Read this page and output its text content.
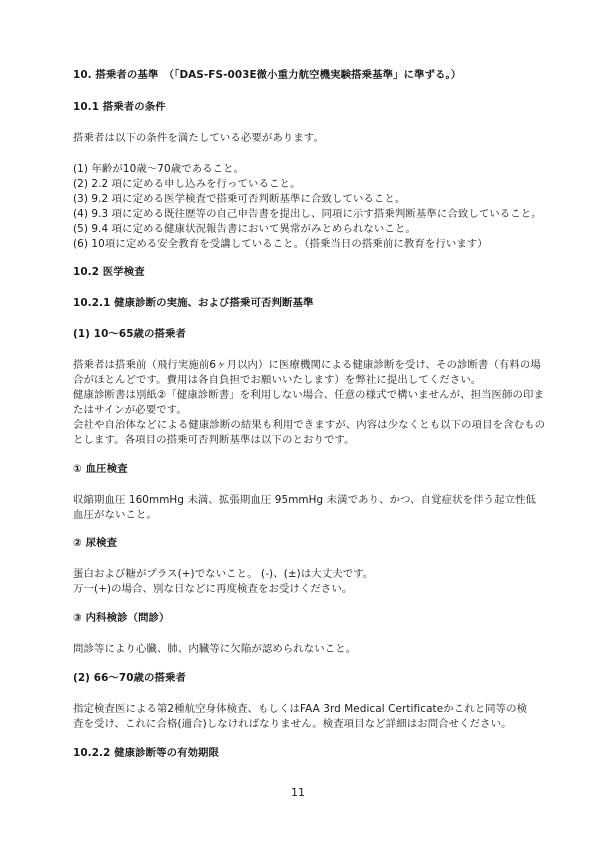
10. 搭乗者の基準　（「DAS-FS-003E微小重力航空機実験搭乗基準」に準ずる。）
10.1 搭乗者の条件
搭乗者は以下の条件を満たしている必要があります。
(1) 年齢が10歳〜70歳であること。
(2) 2.2 項に定める申し込みを行っていること。
(3) 9.2 項に定める医学検査で搭乗可否判断基準に合致していること。
(4) 9.3 項に定める既往歴等の自己申告書を提出し、同項に示す搭乗判断基準に合致していること。
(5) 9.4 項に定める健康状況報告書において異常がみとめられないこと。
(6) 10項に定める安全教育を受講していること。（搭乗当日の搭乗前に教育を行います）
10.2 医学検査
10.2.1 健康診断の実施、および搭乗可否判断基準
(1) 10〜65歳の搭乗者
搭乗者は搭乗前（飛行実施前6ヶ月以内）に医療機関による健康診断を受け、その診断書（有料の場
合がほとんどです。費用は各自負担でお願いいたします）を弊社に提出してください。
健康診断書は別紙②「健康診断書」を利用しない場合、任意の様式で構いませんが、担当医師の印ま
たはサインが必要です。
会社や自治体などによる健康診断の結果も利用できますが、内容は少なくとも以下の項目を含むもの
とします。各項目の搭乗可否判断基準は以下のとおりです。
① 血圧検査
収縮期血圧 160mmHg 未満、拡張期血圧 95mmHg 未満であり、かつ、自覚症状を伴う起立性低
血圧がないこと。
② 尿検査
蛋白および糖がプラス(+)でないこと。 (-)、(±)は大丈夫です。
万一(+)の場合、別な日などに再度検査をお受けください。
③ 内科検診（問診）
問診等により心臓、肺、内臓等に欠陥が認められないこと。
(2) 66〜70歳の搭乗者
指定検査医による第2種航空身体検査、もしくはFAA 3rd Medical Certificateかこれと同等の検
査を受け、これに合格(適合)しなければなりません。検査項目など詳細はお問合せください。
10.2.2 健康診断等の有効期限
11
